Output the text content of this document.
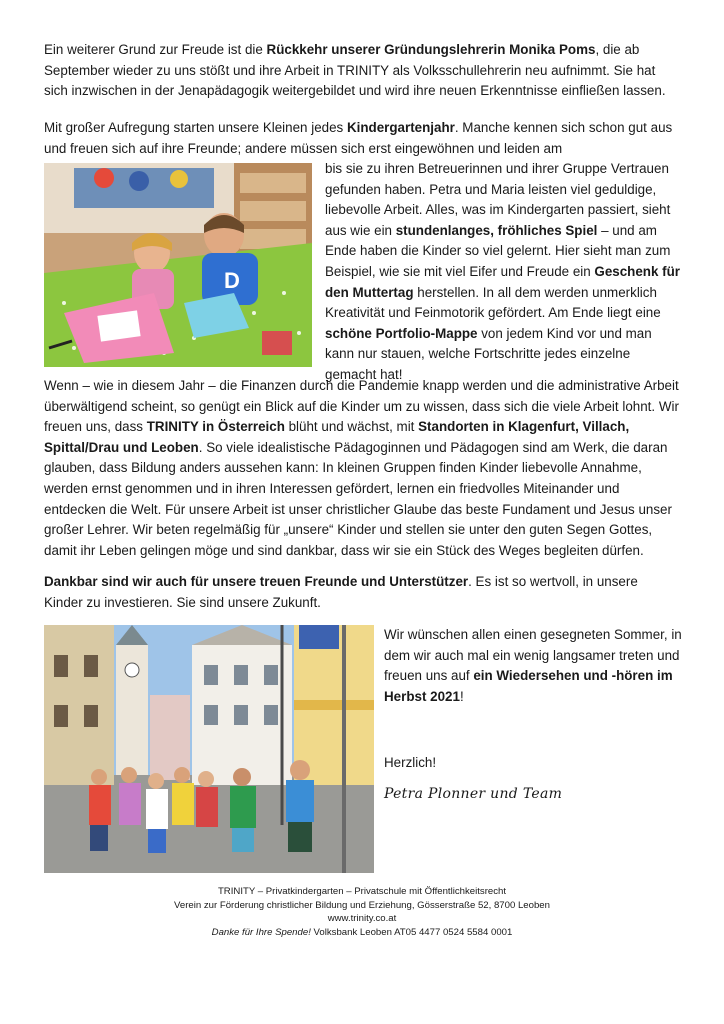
Ein weiterer Grund zur Freude ist die Rückkehr unserer Gründungslehrerin Monika Poms, die ab September wieder zu uns stößt und ihre Arbeit in TRINITY als Volksschullehrerin neu aufnimmt. Sie hat sich inzwischen in der Jenapädagogik weitergebildet und wird ihre neuen Erkenntnisse einfließen lassen.

Mit großer Aufregung starten unsere Kleinen jedes Kindergartenjahr. Manche kennen sich schon gut aus und freuen sich auf ihre Freunde; andere müssen sich erst eingewöhnen und leiden am

D

bis sie zu ihren Betreuerinnen und ihrer Gruppe Vertrauen gefunden haben. Petra und Maria leisten viel geduldige, liebevolle Arbeit. Alles, was im Kindergarten passiert, sieht aus wie ein stundenlanges, fröhliches Spiel – und am Ende haben die Kinder so viel gelernt. Hier sieht man zum Beispiel, wie sie mit viel Eifer und Freude ein Geschenk für den Muttertag herstellen. In all dem werden unmerklich Kreativität und Feinmotorik gefördert. Am Ende liegt eine schöne Portfolio-Mappe von jedem Kind vor und man kann nur stauen, welche Fortschritte jedes einzelne gemacht hat!

Wenn – wie in diesem Jahr – die Finanzen durch die Pandemie knapp werden und die administrative Arbeit überwältigend scheint, so genügt ein Blick auf die Kinder um zu wissen, dass sich die viele Arbeit lohnt. Wir freuen uns, dass TRINITY in Österreich blüht und wächst, mit Standorten in Klagenfurt, Villach, Spittal/Drau und Leoben. So viele idealistische Pädagoginnen und Pädagogen sind am Werk, die daran glauben, dass Bildung anders aussehen kann: In kleinen Gruppen finden Kinder liebevolle Annahme, werden ernst genommen und in ihren Interessen gefördert, lernen ein friedvolles Miteinander und entdecken die Welt. Für unsere Arbeit ist unser christlicher Glaube das beste Fundament und Jesus unser großer Lehrer. Wir beten regelmäßig für „unsere“ Kinder und stellen sie unter den guten Segen Gottes, damit ihr Leben gelingen möge und sind dankbar, dass wir sie ein Stück des Weges begleiten dürfen.

Dankbar sind wir auch für unsere treuen Freunde und Unterstützer. Es ist so wertvoll, in unsere Kinder zu investieren. Sie sind unsere Zukunft.

Wir wünschen allen einen gesegneten Sommer, in dem wir auch mal ein wenig langsamer treten und freuen uns auf ein Wiedersehen und -hören im Herbst 2021!

Herzlich!

Petra Plonner und Team
TRINITY – Privatkindergarten – Privatschule mit Öffentlichkeitsrecht
Verein zur Förderung christlicher Bildung und Erziehung, Gösserstraße 52, 8700 Leoben
www.trinity.co.at
Danke für Ihre Spende! Volksbank Leoben AT05 4477 0524 5584 0001
